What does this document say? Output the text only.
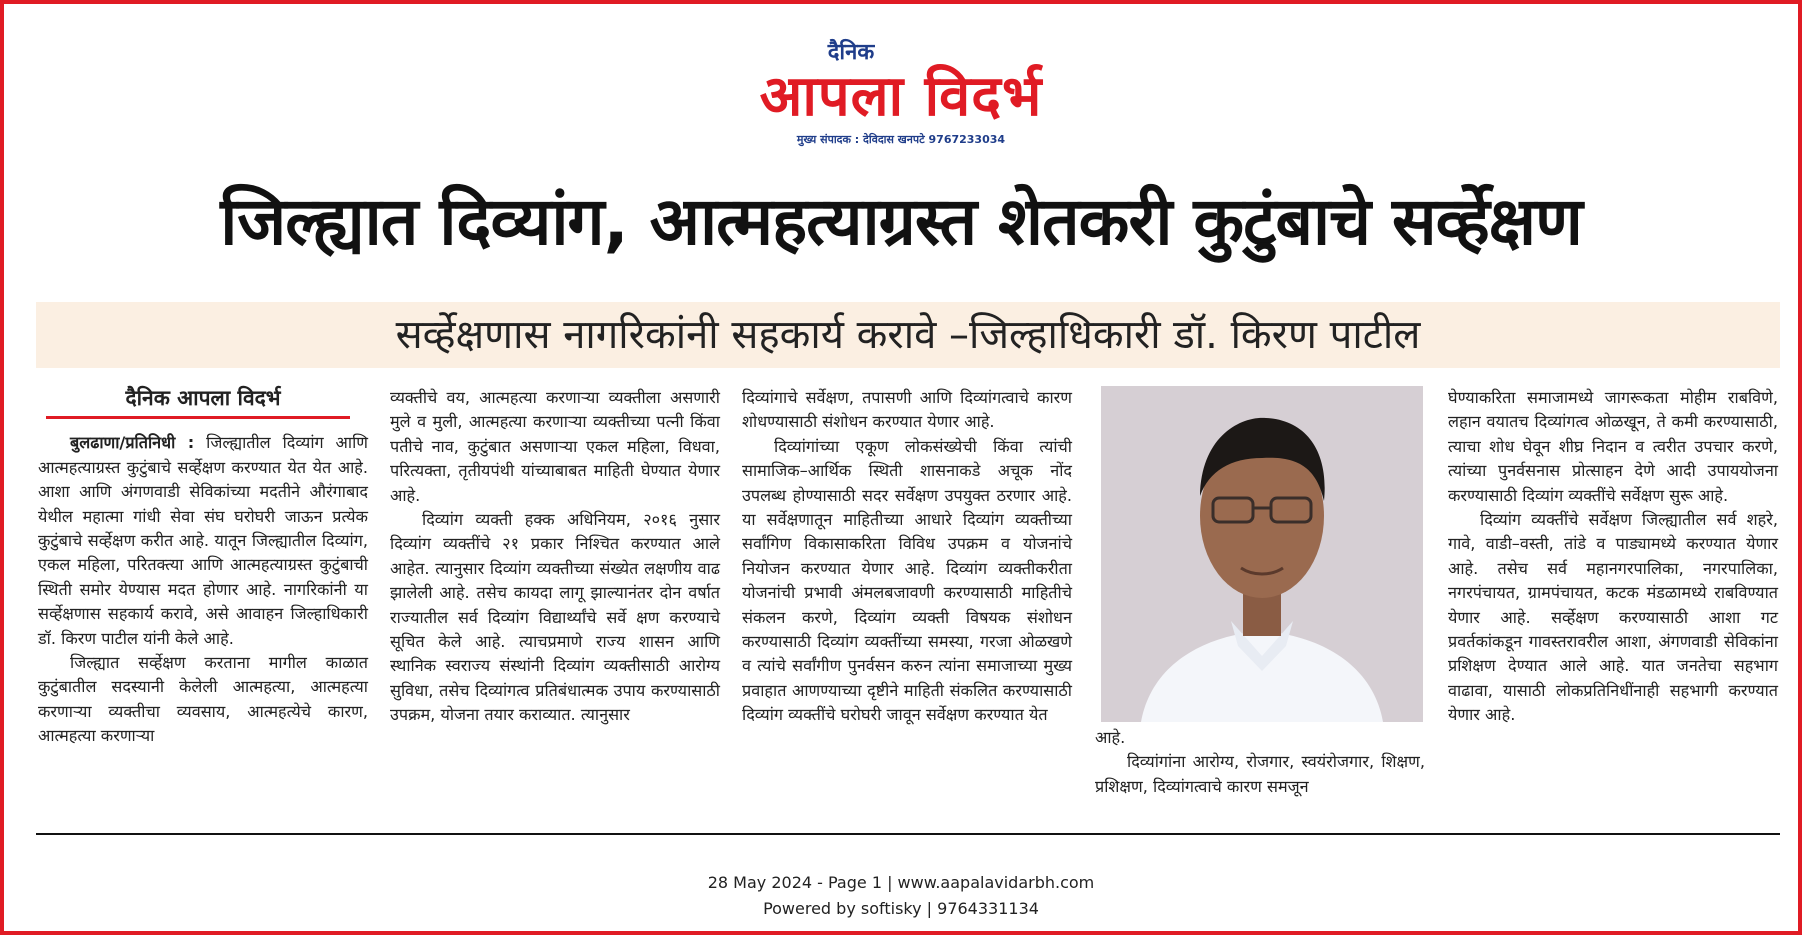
दैनिक
आपला विदर्भ
मुख्य संपादक : देविदास खनपटे 9767233034
जिल्ह्यात दिव्यांग, आत्महत्याग्रस्त शेतकरी कुटुंबाचे सर्व्हेक्षण
सर्व्हेक्षणास नागरिकांनी सहकार्य करावे –जिल्हाधिकारी डॉ. किरण पाटील
दैनिक आपला विदर्भ

बुलढाणा/प्रतिनिधी : जिल्ह्यातील दिव्यांग आणि आत्महत्याग्रस्त कुटुंबाचे सर्व्हेक्षण करण्यात येत येत आहे. आशा आणि अंगणवाडी सेविकांच्या मदतीने औरंगाबाद येथील महात्मा गांधी सेवा संघ घरोघरी जाऊन प्रत्येक कुटुंबाचे सर्व्हेक्षण करीत आहे. यातून जिल्ह्यातील दिव्यांग, एकल महिला, परितक्त्या आणि आत्महत्याग्रस्त कुटुंबाची स्थिती समोर येण्यास मदत होणार आहे. नागरिकांनी या सर्व्हेक्षणास सहकार्य करावे, असे आवाहन जिल्हाधिकारी डॉ. किरण पाटील यांनी केले आहे.

जिल्ह्यात सर्व्हेक्षण करताना मागील काळात कुटुंबातील सदस्यानी केलेली आत्महत्या, आत्महत्या करणाऱ्या व्यक्तीचा व्यवसाय, आत्महत्येचे कारण, आत्महत्या करणाऱ्या

व्यक्तीचे वय, आत्महत्या करणाऱ्या व्यक्तीला असणारी मुले व मुली, आत्महत्या करणाऱ्या व्यक्तीच्या पत्नी किंवा पतीचे नाव, कुटुंबात असणाऱ्या एकल महिला, विधवा, परित्यक्ता, तृतीयपंथी यांच्याबाबत माहिती घेण्यात येणार आहे.

दिव्यांग व्यक्ती हक्क अधिनियम, २०१६ नुसार दिव्यांग व्यक्तींचे २१ प्रकार निश्चित करण्यात आले आहेत. त्यानुसार दिव्यांग व्यक्तीच्या संख्येत लक्षणीय वाढ झालेली आहे. तसेच कायदा लागू झाल्यानंतर दोन वर्षात राज्यातील सर्व दिव्यांग विद्यार्थ्यांचे सर्वे क्षण करण्याचे सूचित केले आहे. त्याचप्रमाणे राज्य शासन आणि स्थानिक स्वराज्य संस्थांनी दिव्यांग व्यक्तीसाठी आरोग्य सुविधा, तसेच दिव्यांगत्व प्रतिबंधात्मक उपाय करण्यासाठी उपक्रम, योजना तयार कराव्यात. त्यानुसार

दिव्यांगाचे सर्वेक्षण, तपासणी आणि दिव्यांगत्वाचे कारण शोधण्यासाठी संशोधन करण्यात येणार आहे.

दिव्यांगांच्या एकूण लोकसंख्येची किंवा त्यांची सामाजिक–आर्थिक स्थिती शासनाकडे अचूक नोंद उपलब्ध होण्यासाठी सदर सर्वेक्षण उपयुक्त ठरणार आहे. या सर्वेक्षणातून माहितीच्या आधारे दिव्यांग व्यक्तीच्या सर्वांगिण विकासाकरिता विविध उपक्रम व योजनांचे नियोजन करण्यात येणार आहे. दिव्यांग व्यक्तीकरीता योजनांची प्रभावी अंमलबजावणी करण्यासाठी माहितीचे संकलन करणे, दिव्यांग व्यक्ती विषयक संशोधन करण्यासाठी दिव्यांग व्यक्तींच्या समस्या, गरजा ओळखणे व त्यांचे सर्वांगीण पुनर्वसन करुन त्यांना समाजाच्या मुख्य प्रवाहात आणण्याच्या दृष्टीने माहिती संकलित करण्यासाठी दिव्यांग व्यक्तींचे घरोघरी जावून सर्वेक्षण करण्यात येत

आहे.

दिव्यांगांना आरोग्य, रोजगार, स्वयंरोजगार, शिक्षण, प्रशिक्षण, दिव्यांगत्वाचे कारण समजून

घेण्याकरिता समाजामध्ये जागरूकता मोहीम राबविणे, लहान वयातच दिव्यांगत्व ओळखून, ते कमी करण्यासाठी, त्याचा शोध घेवून शीघ्र निदान व त्वरीत उपचार करणे, त्यांच्या पुनर्वसनास प्रोत्साहन देणे आदी उपाययोजना करण्यासाठी दिव्यांग व्यक्तींचे सर्वेक्षण सुरू आहे.

दिव्यांग व्यक्तींचे सर्वेक्षण जिल्ह्यातील सर्व शहरे, गावे, वाडी–वस्ती, तांडे व पाड्यामध्ये करण्यात येणार आहे. तसेच सर्व महानगरपालिका, नगरपालिका, नगरपंचायत, ग्रामपंचायत, कटक मंडळामध्ये राबविण्यात येणार आहे. सर्व्हेक्षण करण्यासाठी आशा गट प्रवर्तकांकडून गावस्तरावरील आशा, अंगणवाडी सेविकांना प्रशिक्षण देण्यात आले आहे. यात जनतेचा सहभाग वाढावा, यासाठी लोकप्रतिनिधींनाही सहभागी करण्यात येणार आहे.

28 May 2024 - Page 1 | www.aapalavidarbh.com
Powered by softisky | 9764331134
